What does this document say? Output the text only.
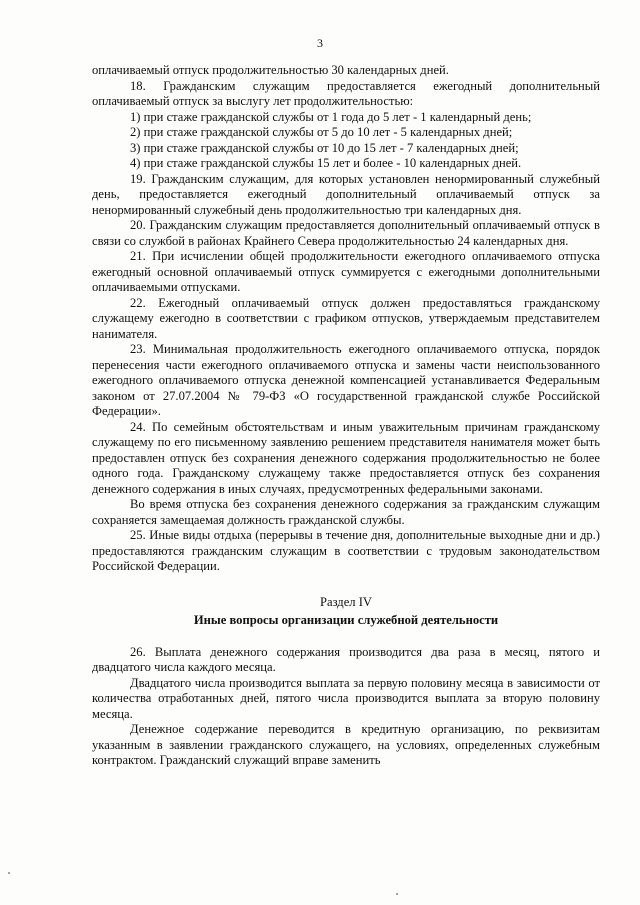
3

оплачиваемый отпуск продолжительностью 30 календарных дней.

18. Гражданским служащим предоставляется ежегодный дополнительный оплачиваемый отпуск за выслугу лет продолжительностью:

1) при стаже гражданской службы от 1 года до 5 лет - 1 календарный день;

2) при стаже гражданской службы от 5 до 10 лет - 5 календарных дней;

3) при стаже гражданской службы от 10 до 15 лет - 7 календарных дней;

4) при стаже гражданской службы 15 лет и более - 10 календарных дней.

19. Гражданским служащим, для которых установлен ненормированный служебный день, предоставляется ежегодный дополнительный оплачиваемый отпуск за ненормированный служебный день продолжительностью три календарных дня.

20. Гражданским служащим предоставляется дополнительный оплачиваемый отпуск в связи со службой в районах Крайнего Севера продолжительностью 24 календарных дня.

21. При исчислении общей продолжительности ежегодного оплачиваемого отпуска ежегодный основной оплачиваемый отпуск суммируется с ежегодными дополнительными оплачиваемыми отпусками.

22. Ежегодный оплачиваемый отпуск должен предоставляться гражданскому служащему ежегодно в соответствии с графиком отпусков, утверждаемым представителем нанимателя.

23. Минимальная продолжительность ежегодного оплачиваемого отпуска, порядок перенесения части ежегодного оплачиваемого отпуска и замены части неиспользованного ежегодного оплачиваемого отпуска денежной компенсацией устанавливается Федеральным законом от 27.07.2004 № 79-ФЗ «О государственной гражданской службе Российской Федерации».

24. По семейным обстоятельствам и иным уважительным причинам гражданскому служащему по его письменному заявлению решением представителя нанимателя может быть предоставлен отпуск без сохранения денежного содержания продолжительностью не более одного года. Гражданскому служащему также предоставляется отпуск без сохранения денежного содержания в иных случаях, предусмотренных федеральными законами.

Во время отпуска без сохранения денежного содержания за гражданским служащим сохраняется замещаемая должность гражданской службы.

25. Иные виды отдыха (перерывы в течение дня, дополнительные выходные дни и др.) предоставляются гражданским служащим в соответствии с трудовым законодательством Российской Федерации.

Раздел IV
Иные вопросы организации служебной деятельности

26. Выплата денежного содержания производится два раза в месяц, пятого и двадцатого числа каждого месяца.

Двадцатого числа производится выплата за первую половину месяца в зависимости от количества отработанных дней, пятого числа производится выплата за вторую половину месяца.

Денежное содержание переводится в кредитную организацию, по реквизитам указанным в заявлении гражданского служащего, на условиях, определенных служебным контрактом. Гражданский служащий вправе заменить
